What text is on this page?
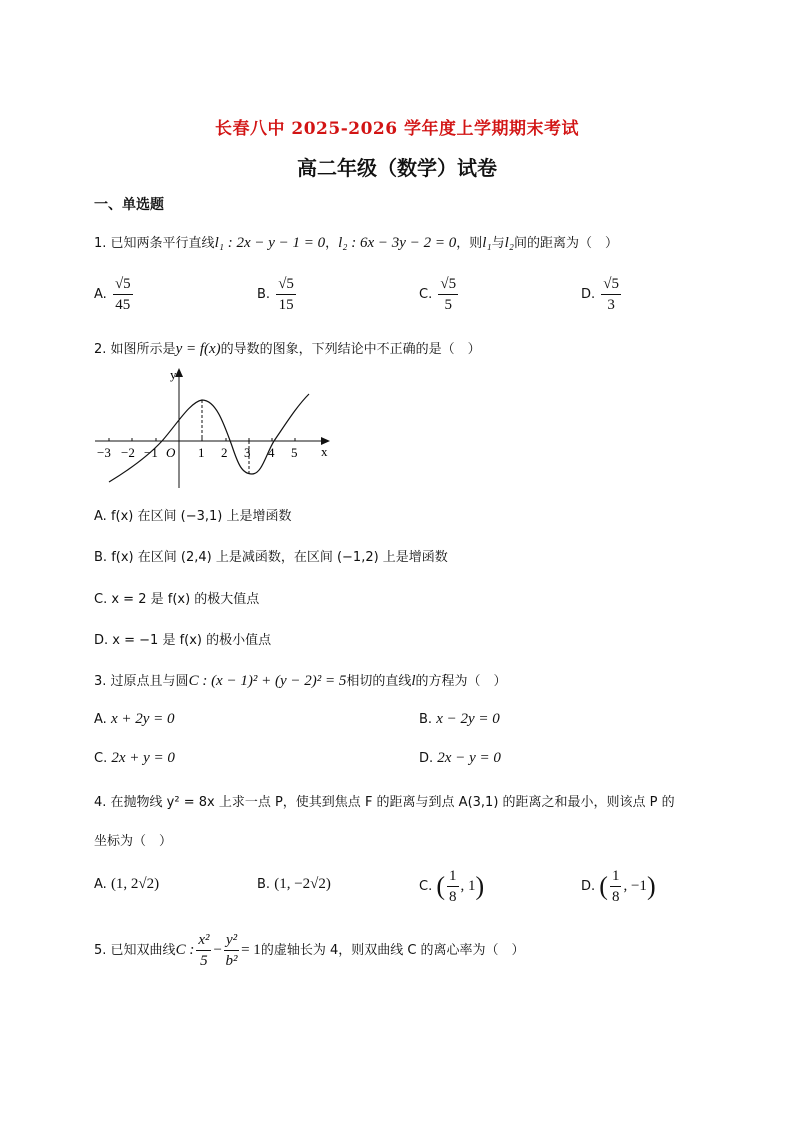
长春八中 2025-2026 学年度上学期期末考试
高二年级（数学）试卷
一、单选题
1. 已知两条平行直线l₁ : 2x − y − 1 = 0，l₂ : 6x − 3y − 2 = 0，则l₁与l₂间的距离为（　）
A. $\frac{√5}{45}$	B. $\frac{√5}{15}$	C. $\frac{√5}{5}$	D. $\frac{√5}{3}$
2. 如图所示是y = f(x)的导数的图象，下列结论中不正确的是（　）
y
x
O
−3 −2 −1	1 2 3 4 5
A. f(x) 在区间 (−3,1) 上是增函数
B. f(x) 在区间 (2,4) 上是减函数，在区间 (−1,2) 上是增函数
C. x = 2 是 f(x) 的极大值点
D. x = −1 是 f(x) 的极小值点
3. 过原点且与圆C : (x − 1)² + (y − 2)² = 5相切的直线l的方程为（　）
A. x + 2y = 0	B. x − 2y = 0
C. 2x + y = 0	D. 2x − y = 0
4. 在抛物线 y² = 8x 上求一点 P，使其到焦点 F 的距离与到点 A(3,1) 的距离之和最小，则该点 P 的
坐标为（　）
A. (1, 2√2)	B. (1, −2√2)	C. ( $\frac{1}{8}$ , 1)	D. ( $\frac{1}{8}$ , −1)
5. 已知双曲线C : $\frac{\text{x²}}{5} - \frac{\text{y²}}{\text{b²}} = 1$的虚轴长为 4，则双曲线 C 的离心率为（　）
